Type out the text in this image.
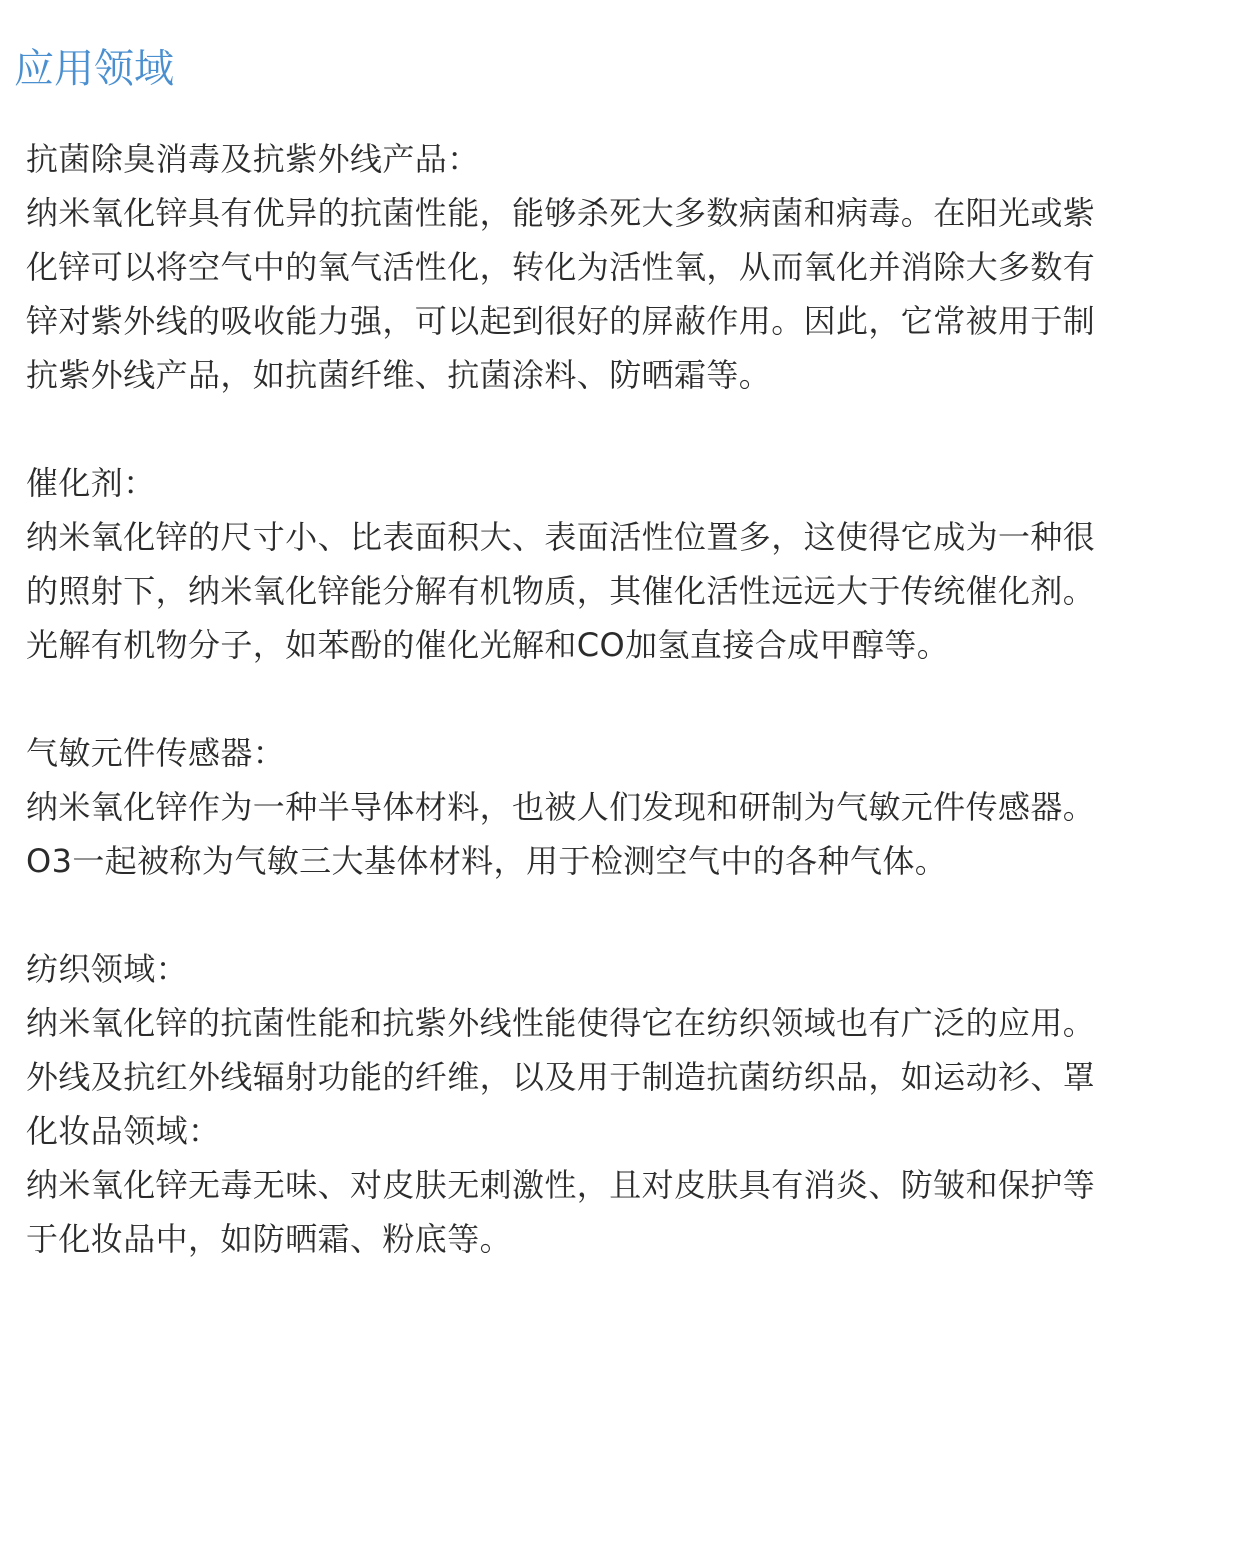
应用领域
抗菌除臭消毒及抗紫外线产品：
纳米氧化锌具有优异的抗菌性能，能够杀死大多数病菌和病毒。在阳光或紫
化锌可以将空气中的氧气活性化，转化为活性氧，从而氧化并消除大多数有
锌对紫外线的吸收能力强，可以起到很好的屏蔽作用。因此，它常被用于制
抗紫外线产品，如抗菌纤维、抗菌涂料、防晒霜等。
催化剂：
纳米氧化锌的尺寸小、比表面积大、表面活性位置多，这使得它成为一种很
的照射下，纳米氧化锌能分解有机物质，其催化活性远远大于传统催化剂。
光解有机物分子，如苯酚的催化光解和CO加氢直接合成甲醇等。
气敏元件传感器：
纳米氧化锌作为一种半导体材料，也被人们发现和研制为气敏元件传感器。
O3一起被称为气敏三大基体材料，用于检测空气中的各种气体。
纺织领域：
纳米氧化锌的抗菌性能和抗紫外线性能使得它在纺织领域也有广泛的应用。
外线及抗红外线辐射功能的纤维，以及用于制造抗菌纺织品，如运动衫、罩
化妆品领域：
纳米氧化锌无毒无味、对皮肤无刺激性，且对皮肤具有消炎、防皱和保护等
于化妆品中，如防晒霜、粉底等。
